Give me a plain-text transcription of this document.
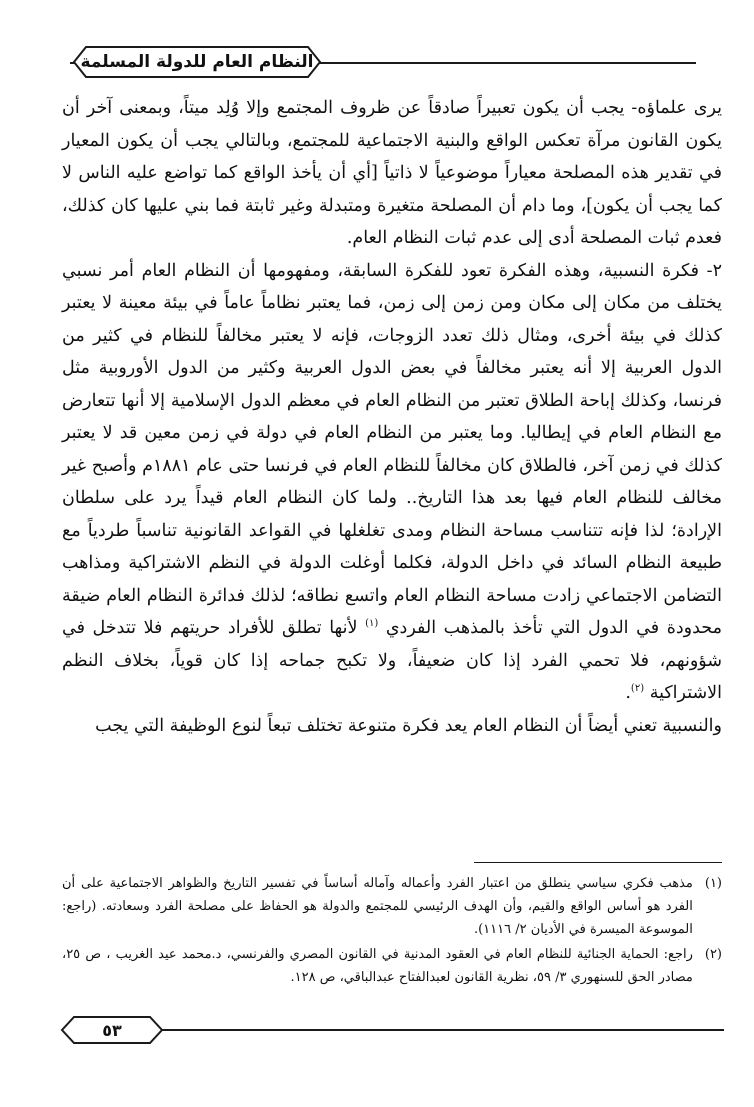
النظام العام للدولة المسلمة

يرى علماؤه- يجب أن يكون تعبيراً صادقاً عن ظروف المجتمع وإلا وُلِد ميتاً، وبمعنى آخر أن يكون القانون مرآة تعكس الواقع والبنية الاجتماعية للمجتمع، وبالتالي يجب أن يكون المعيار في تقدير هذه المصلحة معياراً موضوعياً لا ذاتياً [أي أن يأخذ الواقع كما تواضع عليه الناس لا كما يجب أن يكون]، وما دام أن المصلحة متغيرة ومتبدلة وغير ثابتة فما بني عليها كان كذلك، فعدم ثبات المصلحة أدى إلى عدم ثبات النظام العام.

٢- فكرة النسبية، وهذه الفكرة تعود للفكرة السابقة، ومفهومها أن النظام العام أمر نسبي يختلف من مكان إلى مكان ومن زمن إلى زمن، فما يعتبر نظاماً عاماً في بيئة معينة لا يعتبر كذلك في بيئة أخرى، ومثال ذلك تعدد الزوجات، فإنه لا يعتبر مخالفاً للنظام في كثير من الدول العربية إلا أنه يعتبر مخالفاً في بعض الدول العربية وكثير من الدول الأوروبية مثل فرنسا، وكذلك إباحة الطلاق تعتبر من النظام العام في معظم الدول الإسلامية إلا أنها تتعارض مع النظام العام في إيطاليا. وما يعتبر من النظام العام في دولة في زمن معين قد لا يعتبر كذلك في زمن آخر، فالطلاق كان مخالفاً للنظام العام في فرنسا حتى عام ١٨٨١م وأصبح غير مخالف للنظام العام فيها بعد هذا التاريخ.. ولما كان النظام العام قيداً يرد على سلطان الإرادة؛ لذا فإنه تتناسب مساحة النظام ومدى تغلغلها في القواعد القانونية تناسباً طردياً مع طبيعة النظام السائد في داخل الدولة، فكلما أوغلت الدولة في النظم الاشتراكية ومذاهب التضامن الاجتماعي زادت مساحة النظام العام واتسع نطاقه؛ لذلك فدائرة النظام العام ضيقة محدودة في الدول التي تأخذ بالمذهب الفردي $^{(١)}$ لأنها تطلق للأفراد حريتهم فلا تتدخل في شؤونهم، فلا تحمي الفرد إذا كان ضعيفاً، ولا تكبح جماحه إذا كان قوياً، بخلاف النظم الاشتراكية $^{(٢)}$.

والنسبية تعني أيضاً أن النظام العام يعد فكرة متنوعة تختلف تبعاً لنوع الوظيفة التي يجب

(١)
مذهب فكري سياسي ينطلق من اعتبار الفرد وأعماله وآماله أساساً في تفسير التاريخ والظواهر الاجتماعية على أن الفرد هو أساس الواقع والقيم، وأن الهدف الرئيسي للمجتمع والدولة هو الحفاظ على مصلحة الفرد وسعادته. (راجع: الموسوعة الميسرة في الأديان ٢/ ١١١٦).
(٢)
راجع: الحماية الجنائية للنظام العام في العقود المدنية في القانون المصري والفرنسي، د.محمد عيد الغريب ، ص ٢٥، مصادر الحق للسنهوري ٣/ ٥٩، نظرية القانون لعبدالفتاح عبدالباقي، ص ١٢٨.
٥٣
